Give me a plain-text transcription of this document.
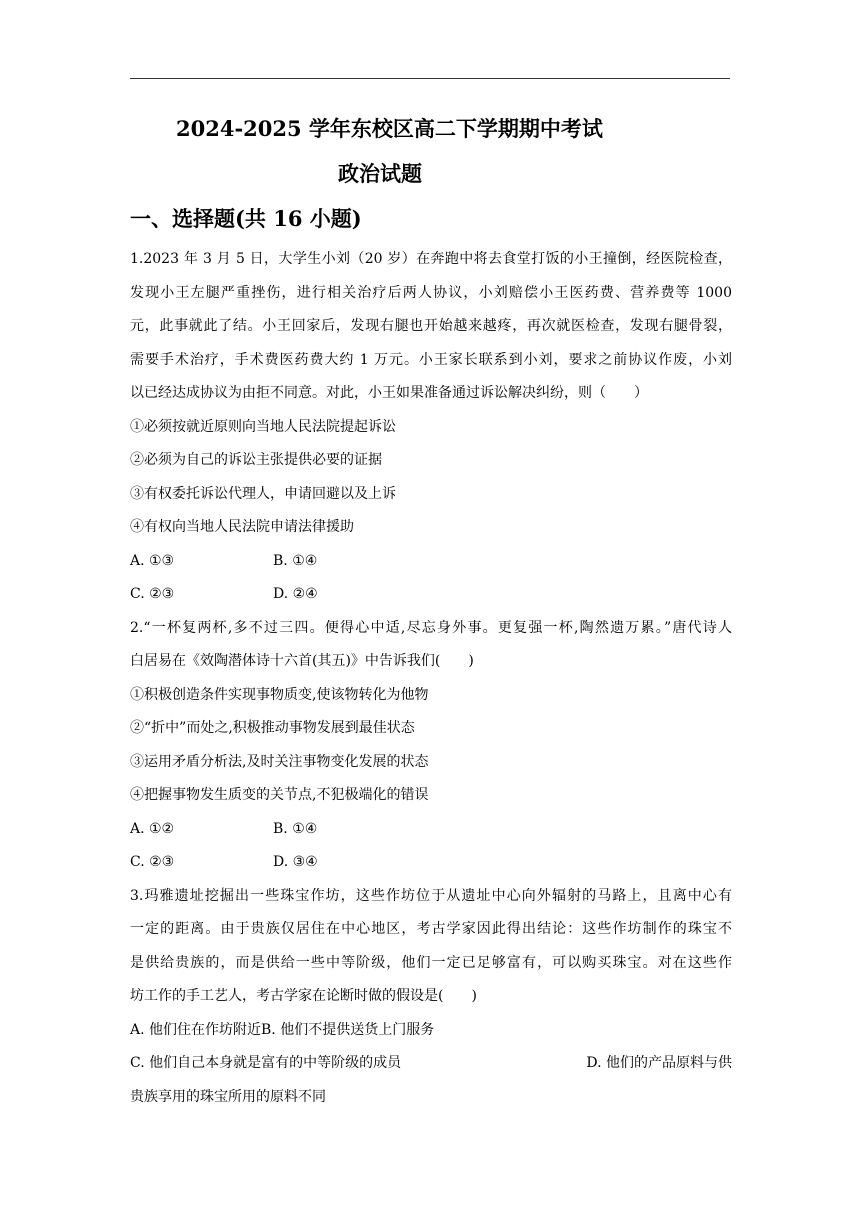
2024-2025 学年东校区高二下学期期中考试
政治试题
一、选择题(共 16 小题)

1.2023 年 3 月 5 日，大学生小刘（20 岁）在奔跑中将去食堂打饭的小王撞倒，经医院检查，

发现小王左腿严重挫伤，进行相关治疗后两人协议，小刘赔偿小王医药费、营养费等 1000

元，此事就此了结。小王回家后，发现右腿也开始越来越疼，再次就医检查，发现右腿骨裂，

需要手术治疗，手术费医药费大约 1 万元。小王家长联系到小刘，要求之前协议作废，小刘

以已经达成协议为由拒不同意。对此，小王如果准备通过诉讼解决纠纷，则（　　）

①必须按就近原则向当地人民法院提起诉讼

②必须为自己的诉讼主张提供必要的证据

③有权委托诉讼代理人，申请回避以及上诉

④有权向当地人民法院申请法律援助

A. ①③	B. ①④
C. ②③	D. ②④

2.“一杯复两杯,多不过三四。便得心中适,尽忘身外事。更复强一杯,陶然遗万累。”唐代诗人

白居易在《效陶潜体诗十六首(其五)》中告诉我们(　　)

①积极创造条件实现事物质变,使该物转化为他物

②“折中”而处之,积极推动事物发展到最佳状态

③运用矛盾分析法,及时关注事物变化发展的状态

④把握事物发生质变的关节点,不犯极端化的错误

A. ①②	B. ①④
C. ②③	D. ③④

3.玛雅遗址挖掘出一些珠宝作坊，这些作坊位于从遗址中心向外辐射的马路上，且离中心有

一定的距离。由于贵族仅居住在中心地区，考古学家因此得出结论：这些作坊制作的珠宝不

是供给贵族的，而是供给一些中等阶级，他们一定已足够富有，可以购买珠宝。对在这些作

坊工作的手工艺人，考古学家在论断时做的假设是(　　)

A. 他们住在作坊附近B. 他们不提供送货上门服务

C. 他们自己本身就是富有的中等阶级的成员	D. 他们的产品原料与供

贵族享用的珠宝所用的原料不同
